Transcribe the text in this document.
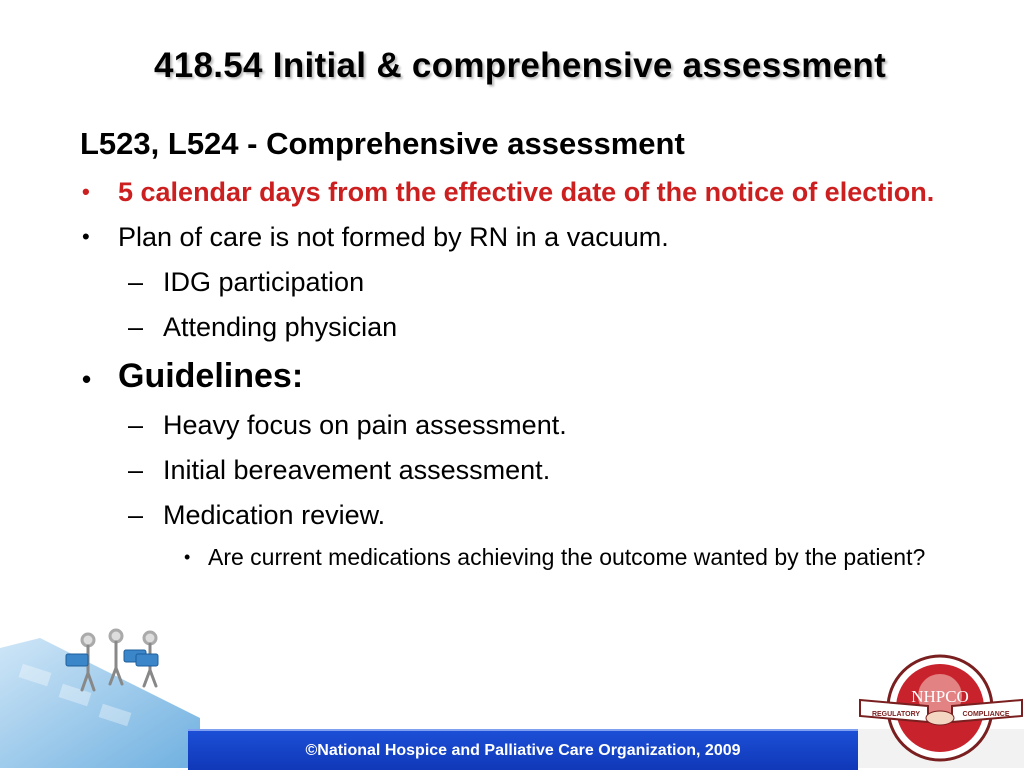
418.54 Initial & comprehensive assessment
L523, L524 - Comprehensive assessment
• 5 calendar days from the effective date of the notice of election.
• Plan of care is not formed by RN in a vacuum.
– IDG participation
– Attending physician
• Guidelines:
– Heavy focus on pain assessment.
– Initial bereavement assessment.
– Medication review.
• Are current medications achieving the outcome wanted by the patient?
©National Hospice and Palliative Care Organization, 2009
NHPCO
REGULATORY	COMPLIANCE
